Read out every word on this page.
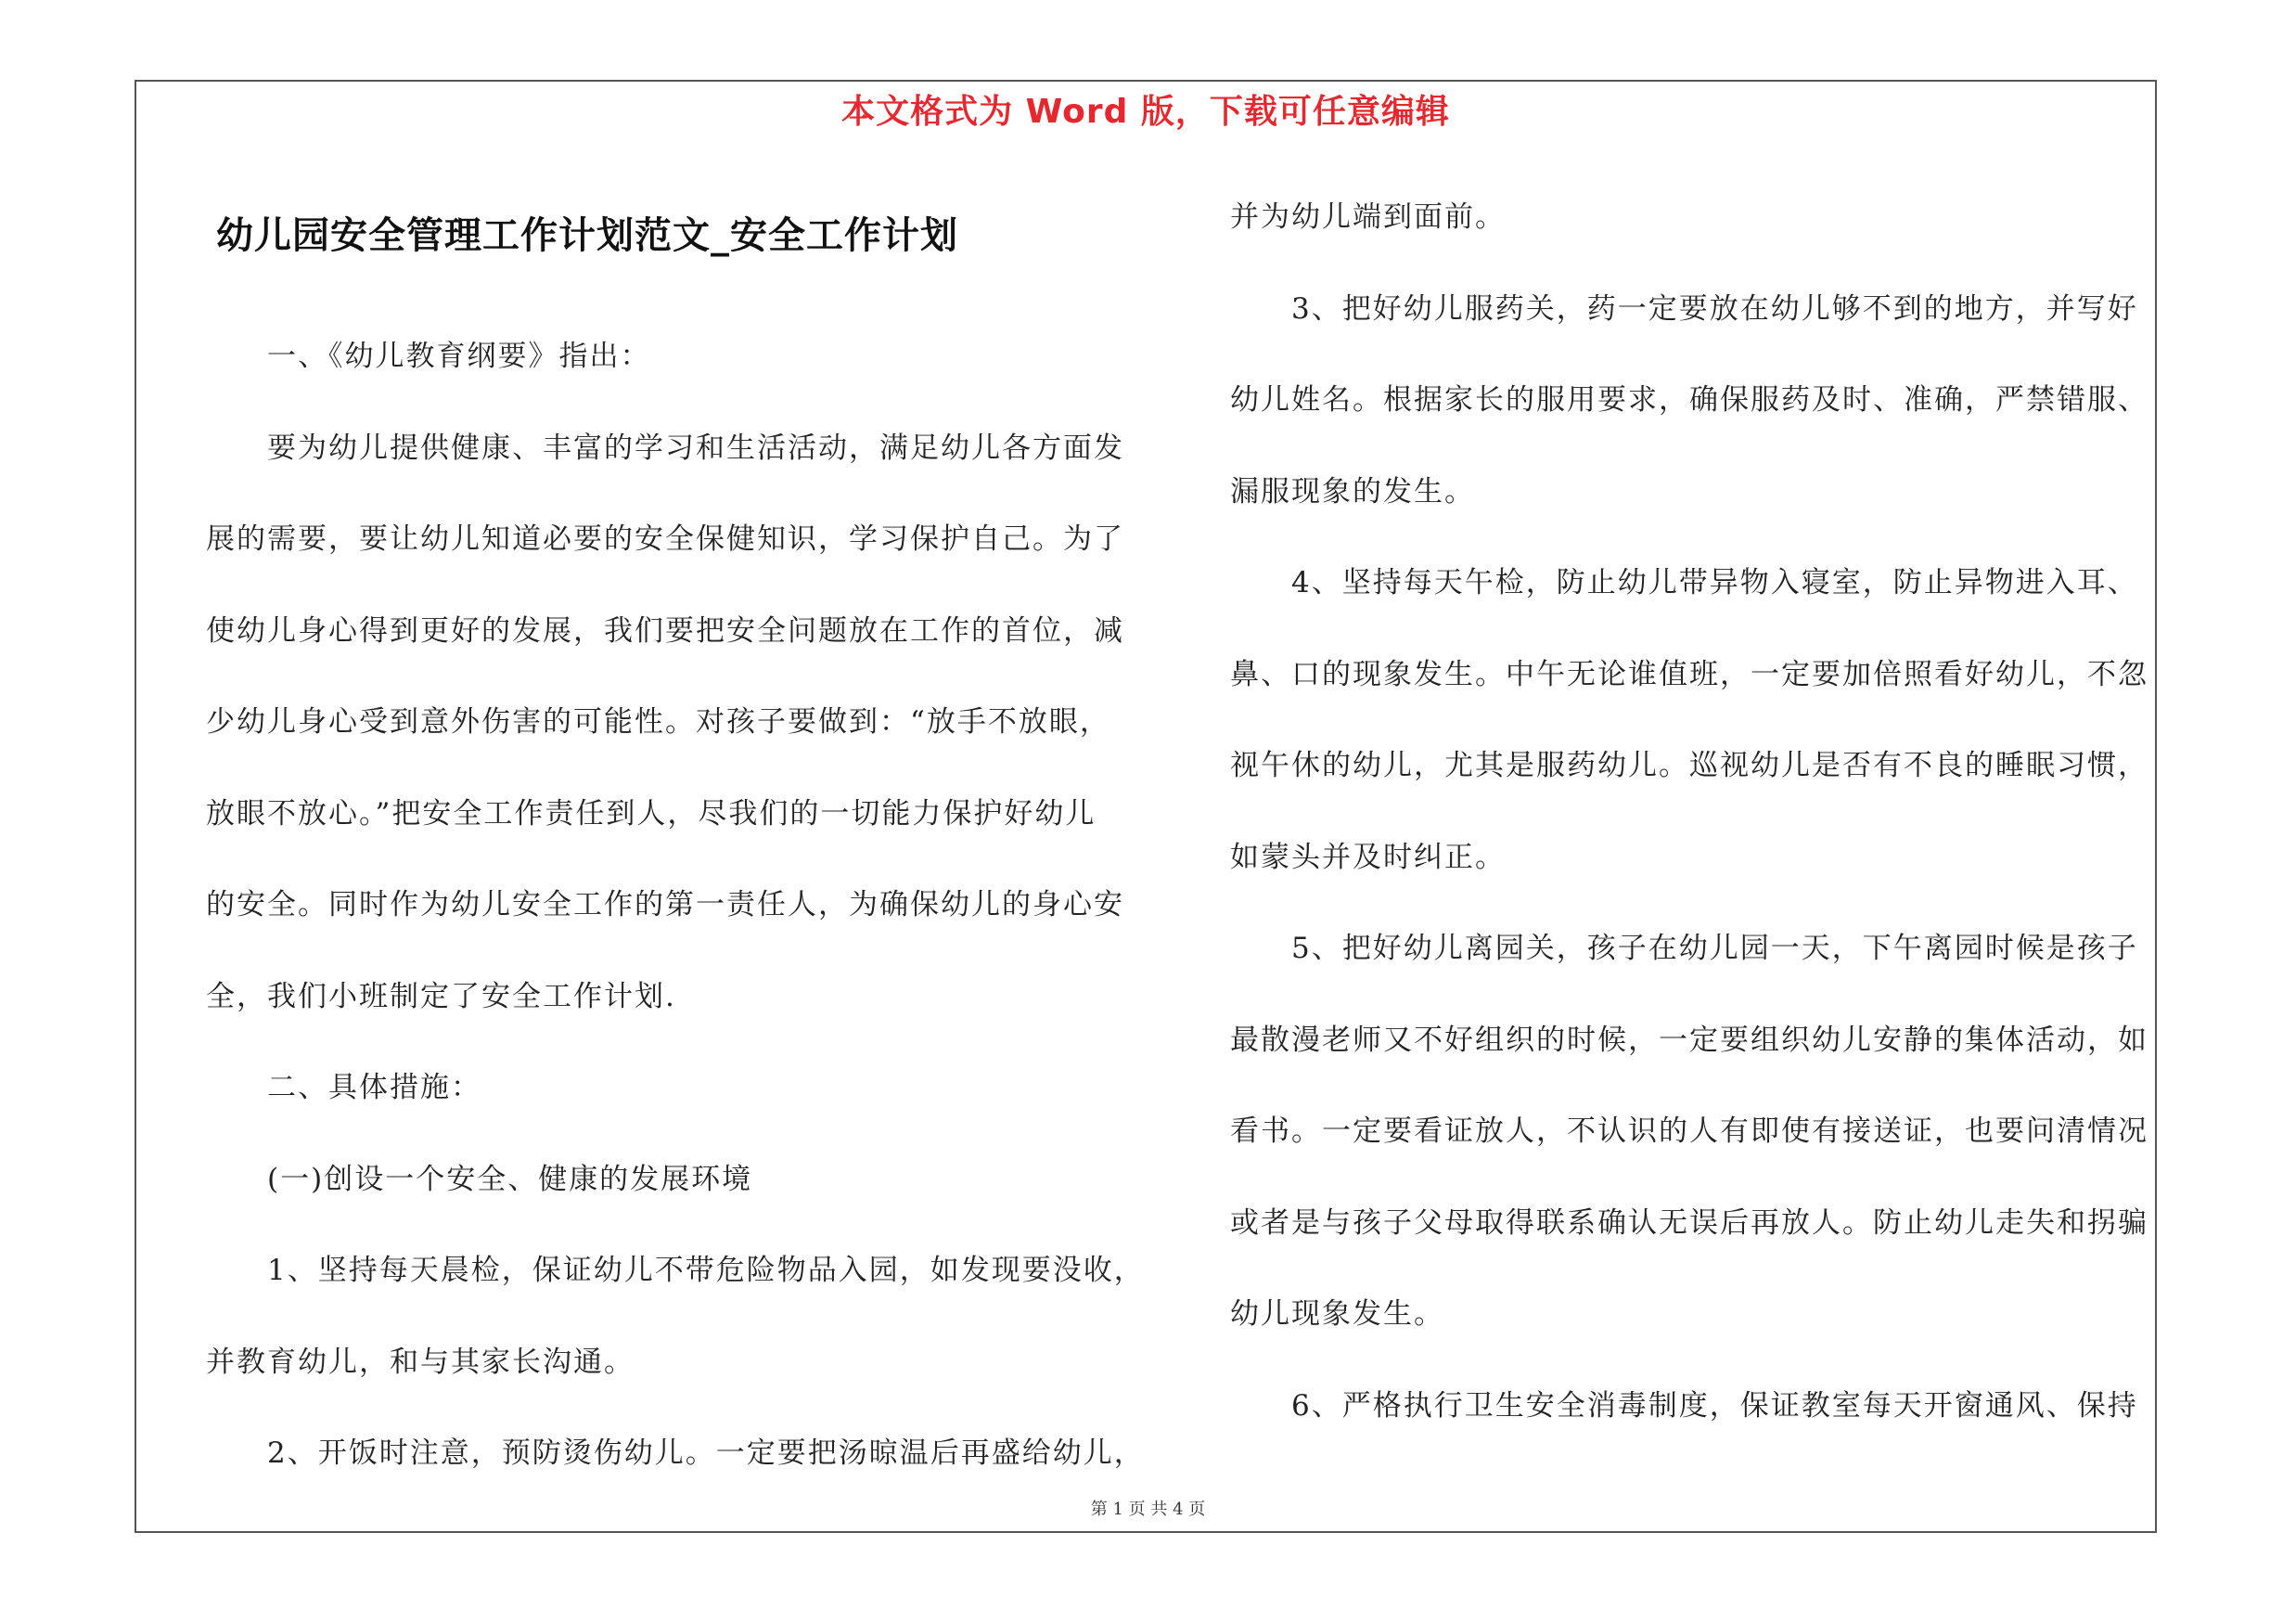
本文格式为 Word 版，下载可任意编辑
幼儿园安全管理工作计划范文_安全工作计划
一、《幼儿教育纲要》指出：
要为幼儿提供健康、丰富的学习和生活活动，满足幼儿各方面发
展的需要，要让幼儿知道必要的安全保健知识，学习保护自己。为了
使幼儿身心得到更好的发展，我们要把安全问题放在工作的首位，减
少幼儿身心受到意外伤害的可能性。对孩子要做到：“放手不放眼，
放眼不放心。”把安全工作责任到人，尽我们的一切能力保护好幼儿
的安全。同时作为幼儿安全工作的第一责任人，为确保幼儿的身心安
全，我们小班制定了安全工作计划.
二、具体措施：
(一)创设一个安全、健康的发展环境
1、坚持每天晨检，保证幼儿不带危险物品入园，如发现要没收，
并教育幼儿，和与其家长沟通。
2、开饭时注意，预防烫伤幼儿。一定要把汤晾温后再盛给幼儿，
并为幼儿端到面前。
3、把好幼儿服药关，药一定要放在幼儿够不到的地方，并写好
幼儿姓名。根据家长的服用要求，确保服药及时、准确，严禁错服、
漏服现象的发生。
4、坚持每天午检，防止幼儿带异物入寝室，防止异物进入耳、
鼻、口的现象发生。中午无论谁值班，一定要加倍照看好幼儿，不忽
视午休的幼儿，尤其是服药幼儿。巡视幼儿是否有不良的睡眠习惯，
如蒙头并及时纠正。
5、把好幼儿离园关，孩子在幼儿园一天，下午离园时候是孩子
最散漫老师又不好组织的时候，一定要组织幼儿安静的集体活动，如
看书。一定要看证放人，不认识的人有即使有接送证，也要问清情况
或者是与孩子父母取得联系确认无误后再放人。防止幼儿走失和拐骗
幼儿现象发生。
6、严格执行卫生安全消毒制度，保证教室每天开窗通风、保持
第 1 页 共 4 页
